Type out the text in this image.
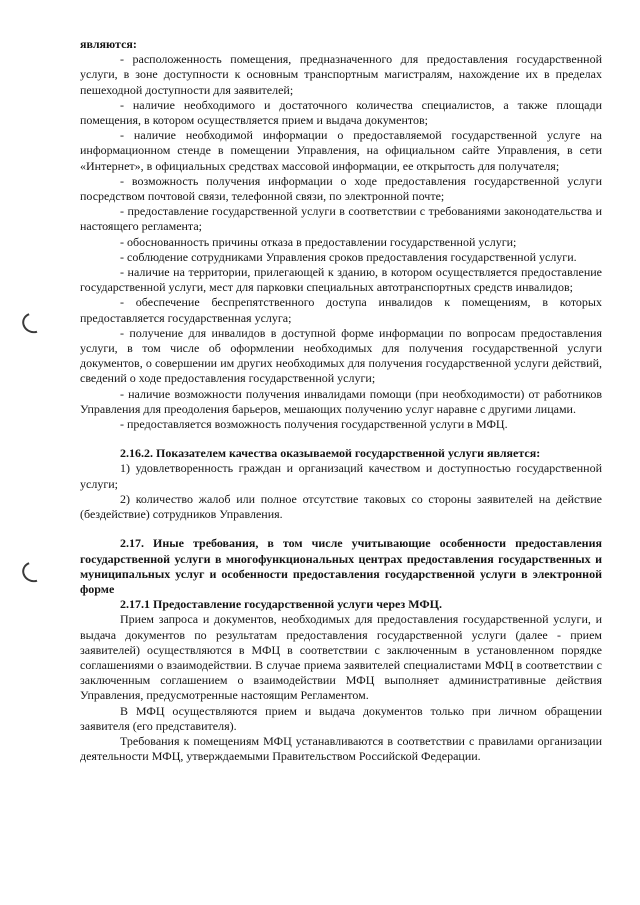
являются:

- расположенность помещения, предназначенного для предоставления государственной услуги, в зоне доступности к основным транспортным магистралям, нахождение их в пределах пешеходной доступности для заявителей;

- наличие необходимого и достаточного количества специалистов, а также площади помещения, в котором осуществляется прием и выдача документов;

- наличие необходимой информации о предоставляемой государственной услуге на информационном стенде в помещении Управления, на официальном сайте Управления, в сети «Интернет», в официальных средствах массовой информации, ее открытость для получателя;

- возможность получения информации о ходе предоставления государственной услуги посредством почтовой связи, телефонной связи, по электронной почте;

- предоставление государственной услуги в соответствии с требованиями законодательства и настоящего регламента;

- обоснованность причины отказа в предоставлении государственной услуги;

- соблюдение сотрудниками Управления сроков предоставления государственной услуги.

- наличие на территории, прилегающей к зданию, в котором осуществляется предоставление государственной услуги, мест для парковки специальных автотранспортных средств инвалидов;

- обеспечение беспрепятственного доступа инвалидов к помещениям, в которых предоставляется государственная услуга;

- получение для инвалидов в доступной форме информации по вопросам предоставления услуги, в том числе об оформлении необходимых для получения государственной услуги документов, о совершении им других необходимых для получения государственной услуги действий, сведений о ходе предоставления государственной услуги;

- наличие возможности получения инвалидами помощи (при необходимости) от работников Управления для преодоления барьеров, мешающих получению услуг наравне с другими лицами.

- предоставляется возможность получения государственной услуги в МФЦ.

2.16.2. Показателем качества оказываемой государственной услуги является:

1) удовлетворенность граждан и организаций качеством и доступностью государственной услуги;

2) количество жалоб или полное отсутствие таковых со стороны заявителей на действие (бездействие) сотрудников Управления.

2.17. Иные требования, в том числе учитывающие особенности предоставления государственной услуги в многофункциональных центрах предоставления государственных и муниципальных услуг и особенности предоставления государственной услуги в электронной форме

2.17.1 Предоставление государственной услуги через МФЦ.

Прием запроса и документов, необходимых для предоставления государственной услуги, и выдача документов по результатам предоставления государственной услуги (далее - прием заявителей) осуществляются в МФЦ в соответствии с заключенным в установленном порядке соглашениями о взаимодействии. В случае приема заявителей специалистами МФЦ в соответствии с заключенным соглашением о взаимодействии МФЦ выполняет административные действия Управления, предусмотренные настоящим Регламентом.

В МФЦ осуществляются прием и выдача документов только при личном обращении заявителя (его представителя).

Требования к помещениям МФЦ устанавливаются в соответствии с правилами организации деятельности МФЦ, утверждаемыми Правительством Российской Федерации.
